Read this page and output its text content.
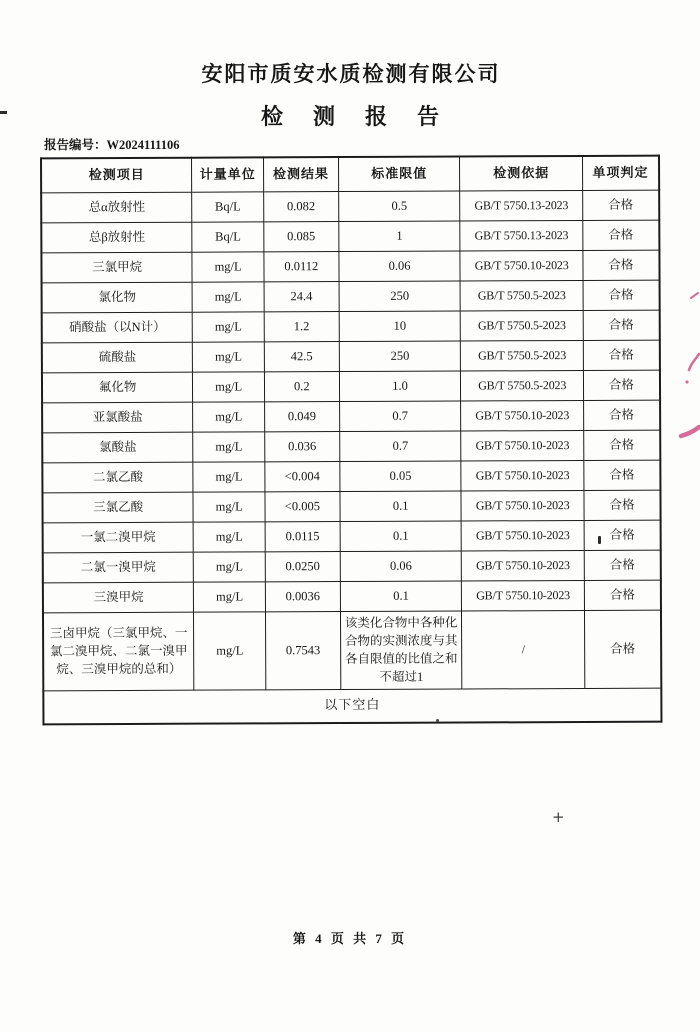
安阳市质安水质检测有限公司
检测报告
报告编号：W2024111106
检测项目	计量单位	检测结果	标准限值	检测依据	单项判定
总α放射性	Bq/L	0.082	0.5	GB/T 5750.13-2023	合格
总β放射性	Bq/L	0.085	1	GB/T 5750.13-2023	合格
三氯甲烷	mg/L	0.0112	0.06	GB/T 5750.10-2023	合格
氯化物	mg/L	24.4	250	GB/T 5750.5-2023	合格
硝酸盐（以N计）	mg/L	1.2	10	GB/T 5750.5-2023	合格
硫酸盐	mg/L	42.5	250	GB/T 5750.5-2023	合格
氟化物	mg/L	0.2	1.0	GB/T 5750.5-2023	合格
亚氯酸盐	mg/L	0.049	0.7	GB/T 5750.10-2023	合格
氯酸盐	mg/L	0.036	0.7	GB/T 5750.10-2023	合格
二氯乙酸	mg/L	<0.004	0.05	GB/T 5750.10-2023	合格
三氯乙酸	mg/L	<0.005	0.1	GB/T 5750.10-2023	合格
一氯二溴甲烷	mg/L	0.0115	0.1	GB/T 5750.10-2023	合格
二氯一溴甲烷	mg/L	0.0250	0.06	GB/T 5750.10-2023	合格
三溴甲烷	mg/L	0.0036	0.1	GB/T 5750.10-2023	合格
三卤甲烷（三氯甲烷、一氯二溴甲烷、二氯一溴甲烷、三溴甲烷的总和）	mg/L	0.7543	该类化合物中各种化合物的实测浓度与其各自限值的比值之和不超过1	/	合格
以下空白					
第 4 页 共 7 页
+
